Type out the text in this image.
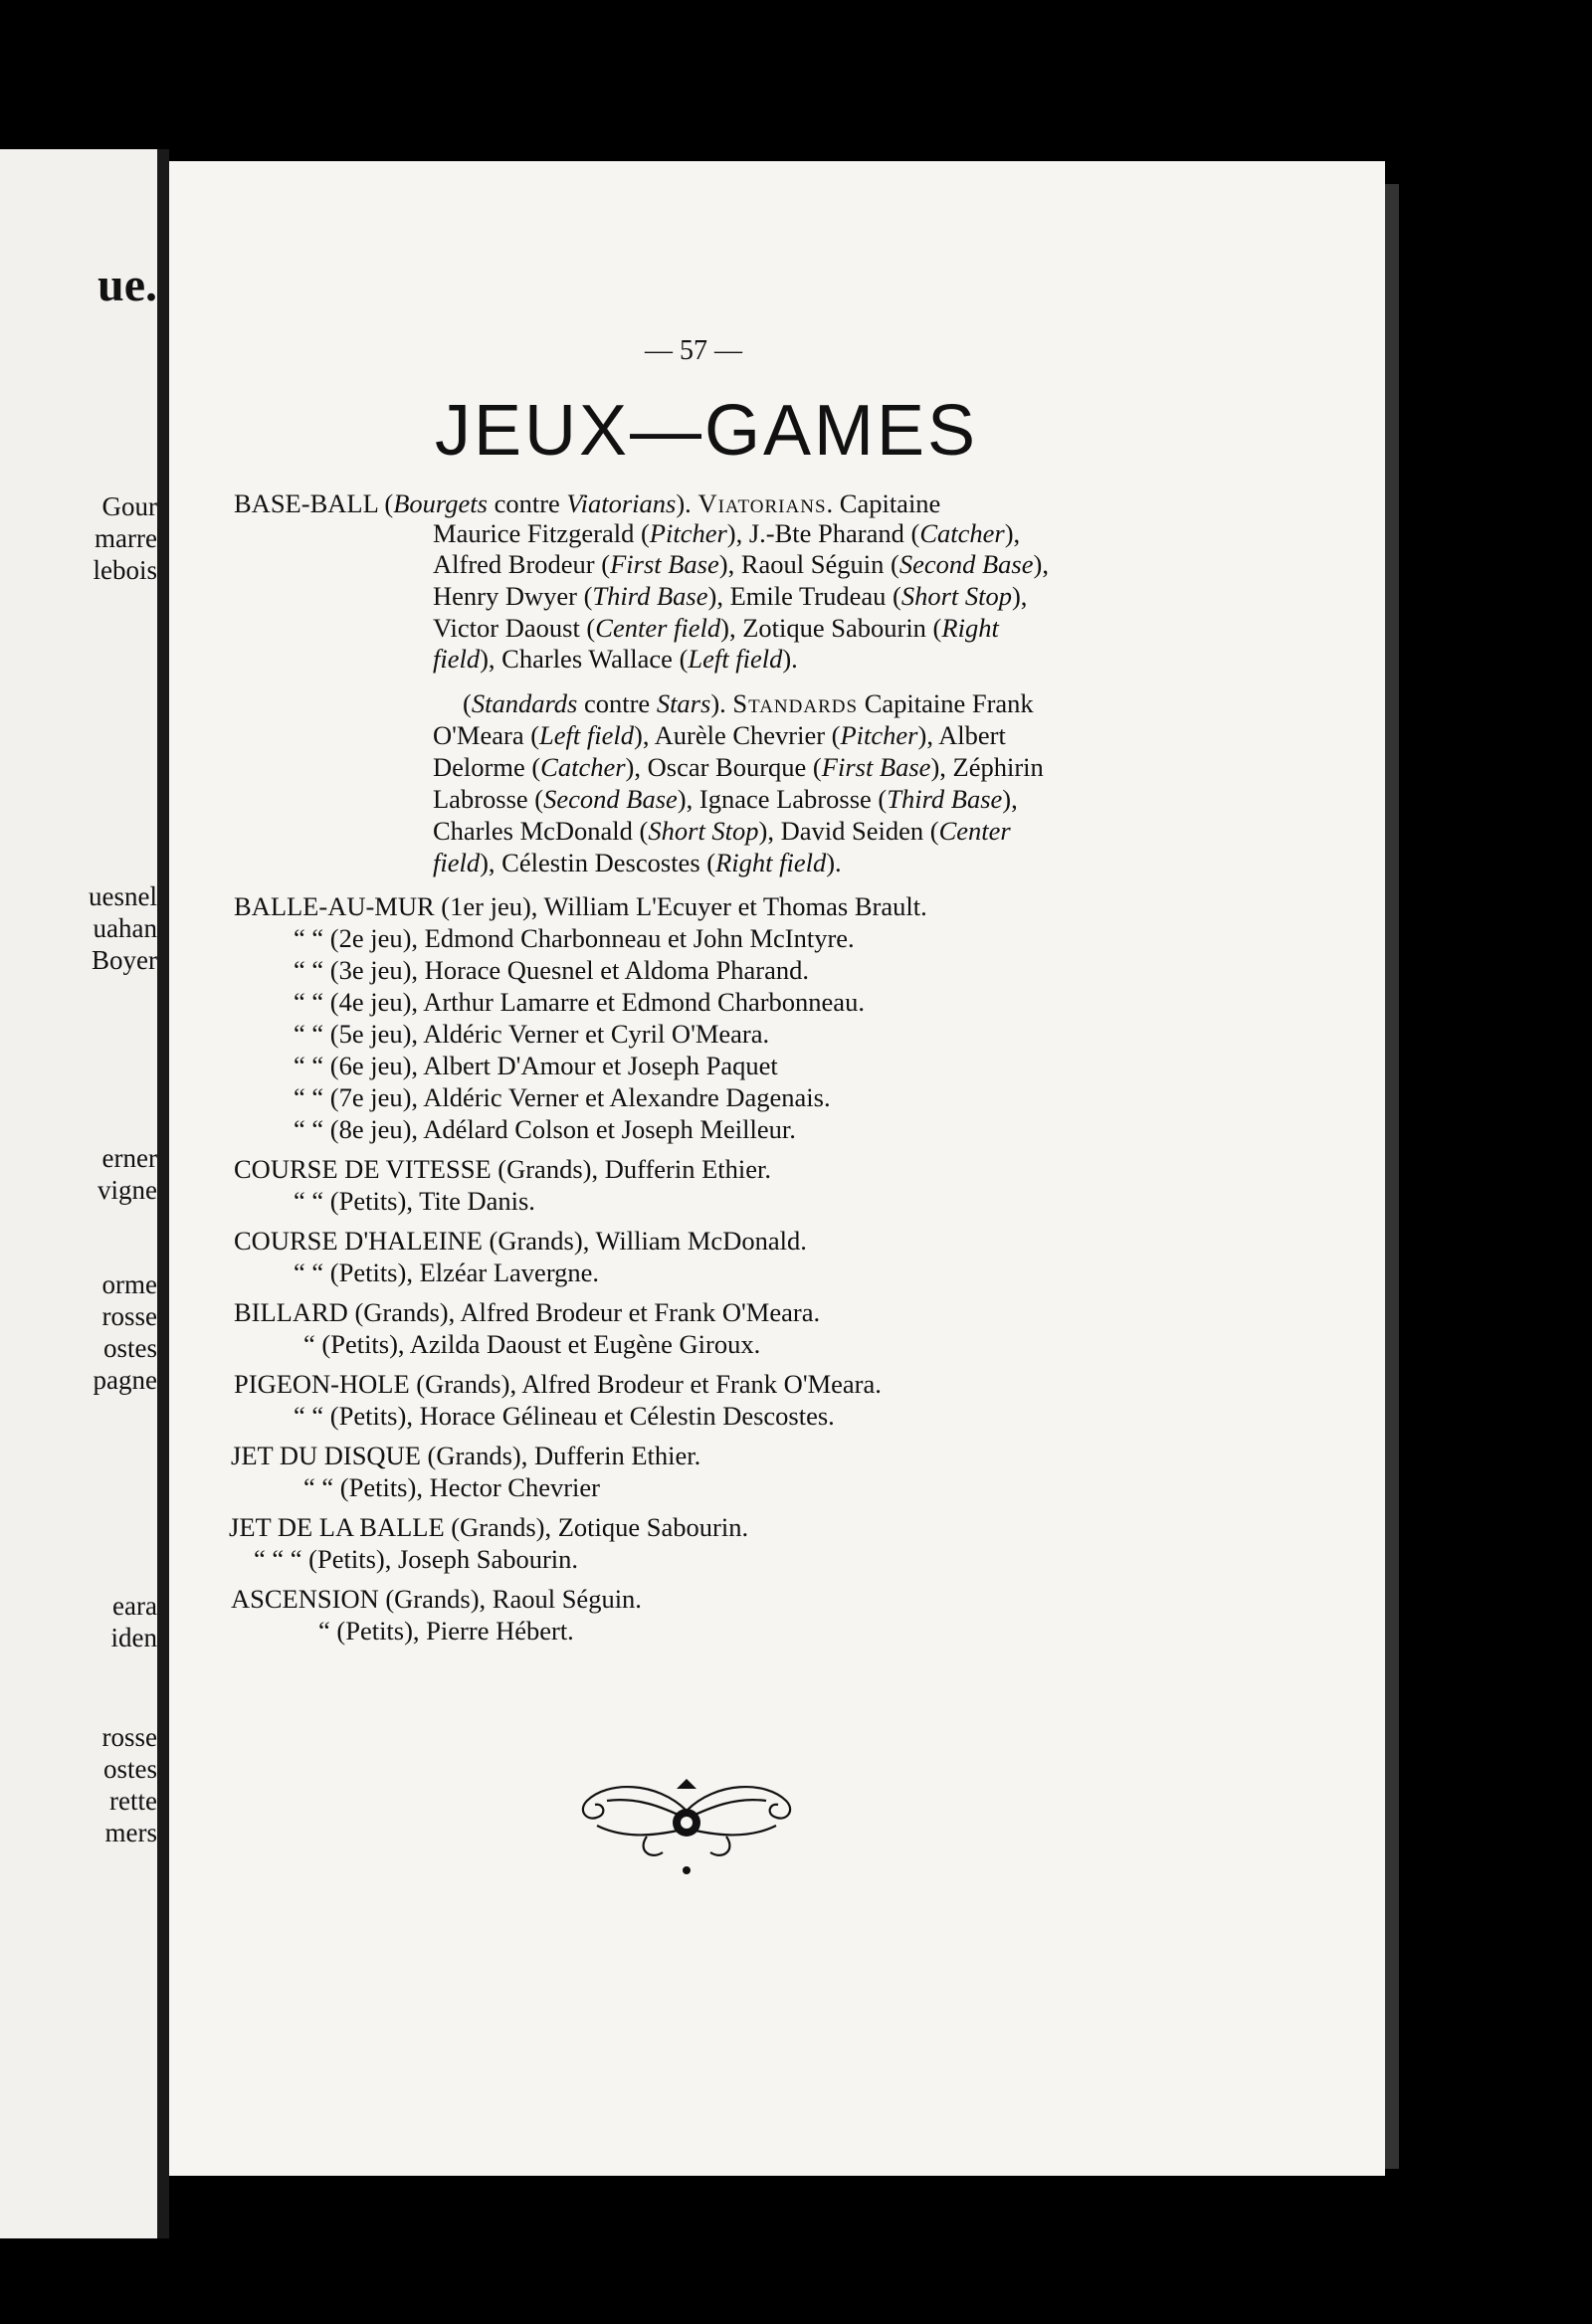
ue.
Gour
marre
lebois
uesnel
uahan
Boyer
erner
vigne
orme
rosse
ostes
pagne
eara
iden
rosse
ostes
rette
mers
— 57 —
JEUX—GAMES
BASE-BALL (Bourgets contre Viatorians). Viatorians. Capitaine
Maurice Fitzgerald (Pitcher), J.-Bte Pharand (Catcher),
Alfred Brodeur (First Base), Raoul Séguin (Second Base),
Henry Dwyer (Third Base), Emile Trudeau (Short Stop),
Victor Daoust (Center field), Zotique Sabourin (Right
field), Charles Wallace (Left field).
(Standards contre Stars). Standards Capitaine Frank
O'Meara (Left field), Aurèle Chevrier (Pitcher), Albert
Delorme (Catcher), Oscar Bourque (First Base), Zéphirin
Labrosse (Second Base), Ignace Labrosse (Third Base),
Charles McDonald (Short Stop), David Seiden (Center
field), Célestin Descostes (Right field).
BALLE-AU-MUR (1er jeu), William L'Ecuyer et Thomas Brault.
“ “ (2e jeu), Edmond Charbonneau et John McIntyre.
“ “ (3e jeu), Horace Quesnel et Aldoma Pharand.
“ “ (4e jeu), Arthur Lamarre et Edmond Charbonneau.
“ “ (5e jeu), Aldéric Verner et Cyril O'Meara.
“ “ (6e jeu), Albert D'Amour et Joseph Paquet
“ “ (7e jeu), Aldéric Verner et Alexandre Dagenais.
“ “ (8e jeu), Adélard Colson et Joseph Meilleur.
COURSE DE VITESSE (Grands), Dufferin Ethier.
“ “ (Petits), Tite Danis.
COURSE D'HALEINE (Grands), William McDonald.
“ “ (Petits), Elzéar Lavergne.
BILLARD (Grands), Alfred Brodeur et Frank O'Meara.
“ (Petits), Azilda Daoust et Eugène Giroux.
PIGEON-HOLE (Grands), Alfred Brodeur et Frank O'Meara.
“ “ (Petits), Horace Gélineau et Célestin Descostes.
JET DU DISQUE (Grands), Dufferin Ethier.
“ “ (Petits), Hector Chevrier
JET DE LA BALLE (Grands), Zotique Sabourin.
“ “ “ (Petits), Joseph Sabourin.
ASCENSION (Grands), Raoul Séguin.
“ (Petits), Pierre Hébert.
